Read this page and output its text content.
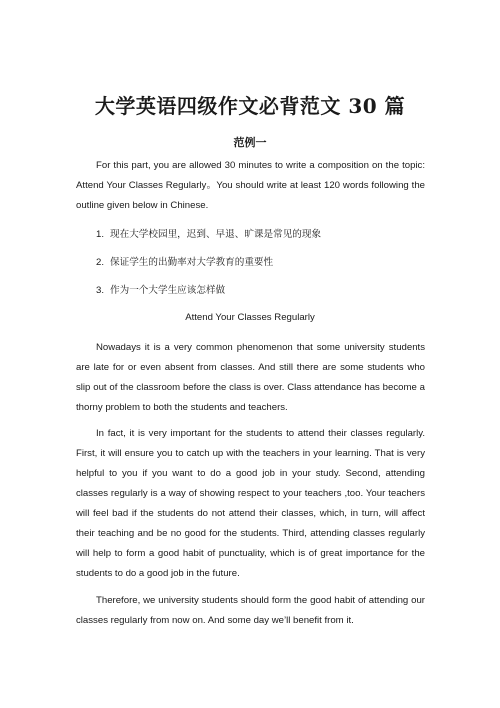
大学英语四级作文必背范文 30 篇
范例一
For this part, you are allowed 30 minutes to write a composition on the topic: Attend Your Classes Regularly。You should write at least 120 words following the outline given below in Chinese.
1. 现在大学校园里，迟到、早退、旷课是常见的现象
2. 保证学生的出勤率对大学教育的重要性
3. 作为一个大学生应该怎样做
Attend Your Classes Regularly
Nowadays it is a very common phenomenon that some university students are late for or even absent from classes. And still there are some students who slip out of the classroom before the class is over. Class attendance has become a thorny problem to both the students and teachers.
In fact, it is very important for the students to attend their classes regularly. First, it will ensure you to catch up with the teachers in your learning. That is very helpful to you if you want to do a good job in your study. Second, attending classes regularly is a way of showing respect to your teachers ,too. Your teachers will feel bad if the students do not attend their classes, which, in turn, will affect their teaching and be no good for the students. Third, attending classes regularly will help to form a good habit of punctuality, which is of great importance for the students to do a good job in the future.
Therefore, we university students should form the good habit of attending our classes regularly from now on. And some day we’ll benefit from it.
